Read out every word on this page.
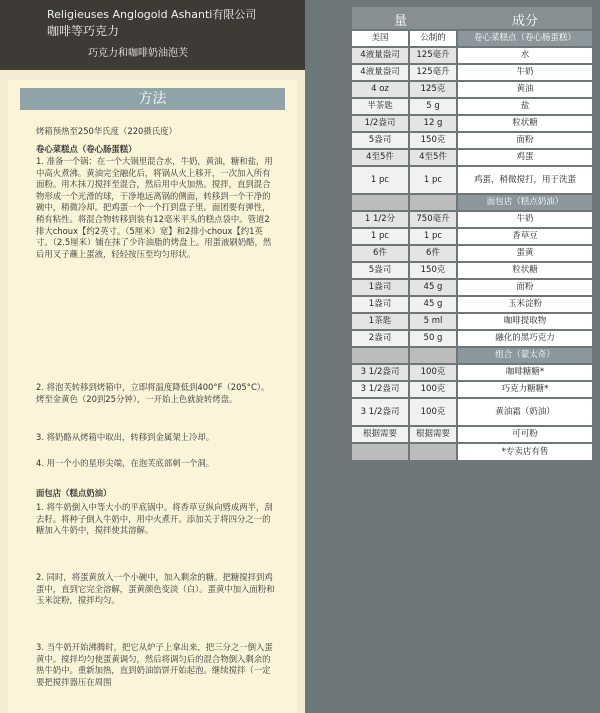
Religieuses Anglogold Ashanti有限公司
咖啡等巧克力
巧克力和咖啡奶油泡芙
方法
烤箱预热至250华氏度（220摄氏度）
卷心菜糕点（卷心肠蛋糕）
1. 准备一个锅：在一个大锅里混合水，牛奶，黄油，糖和盐，用中高火煮沸。黄油完全融化后，将锅从火上移开，一次加入所有面粉。用木抹刀搅拌至混合，然后用中火加热。搅拌，直到混合物形成一个光滑的球，干净地远离锅的侧面，转移到一个干净的碗中，稍微冷却。把鸡蛋一个一个打到盘子里。面团要有弹性，稍有粘性。将混合物转移到装有12毫米平头的糕点袋中。管道2排大choux【约2英寸。（5厘米）宽】和2排小choux【约1英寸。（2.5厘米）铺在抹了少许油脂的烤盘上。用蛋液刷奶酪，然后用叉子蘸上蛋液，轻轻按压至均匀形状。
2. 将泡芙转移到烤箱中，立即将温度降低到400°F（205°C）。烤至金黄色（20到25分钟），一开始上色就旋转烤盘。
3. 将奶酪从烤箱中取出，转移到金属架上冷却。
4. 用一个小的星形尖端，在泡芙底部刺一个洞。
面包店（糕点奶油）
1. 将牛奶倒入中等大小的平底锅中。将香草豆纵向劈成两半，刮去籽。将种子倒入牛奶中，用中火煮开。添加关于将四分之一的糖加入牛奶中，搅拌使其溶解。
2. 同时，将蛋黄放入一个小碗中，加入剩余的糖。把糖搅拌到鸡蛋中，直到它完全溶解，蛋黄颜色变淡（白）。蛋黄中加入面粉和玉米淀粉，搅拌均匀。
3. 当牛奶开始沸腾时，把它从炉子上拿出来，把三分之一倒入蛋黄中。搅拌均匀使蛋黄调匀，然后将调匀后的混合物倒入剩余的热牛奶中。重新加热，直到奶油馅饼开始起泡。继续搅拌（一定要把搅拌器压在周围
量	成分
美国	公制的	卷心菜糕点（卷心肠蛋糕）
4液量盎司	125毫升	水
4液量盎司	125毫升	牛奶
4 oz	125克	黄油
半茶匙	5 g	盐
1/2盎司	12 g	粒状糖
5盎司	150克	面粉
4至5件	4至5件	鸡蛋
1 pc	1 pc	鸡蛋，稍微搅打，用于洗蛋
面包店（糕点奶油）
1 1/2分	750毫升	牛奶
1 pc	1 pc	香草豆
6件	6件	蛋黄
5盎司	150克	粒状糖
1盎司	45 g	面粉
1盎司	45 g	玉米淀粉
1茶匙	5 ml	咖啡提取物
2盎司	50 g	融化的黑巧克力
组合（蒙太奇）
3 1/2盎司	100克	咖啡糖糖*
3 1/2盎司	100克	巧克力糖糖*
3 1/2盎司	100克	黄油霜（奶油）
根据需要	根据需要	可可粉
*专卖店有售
